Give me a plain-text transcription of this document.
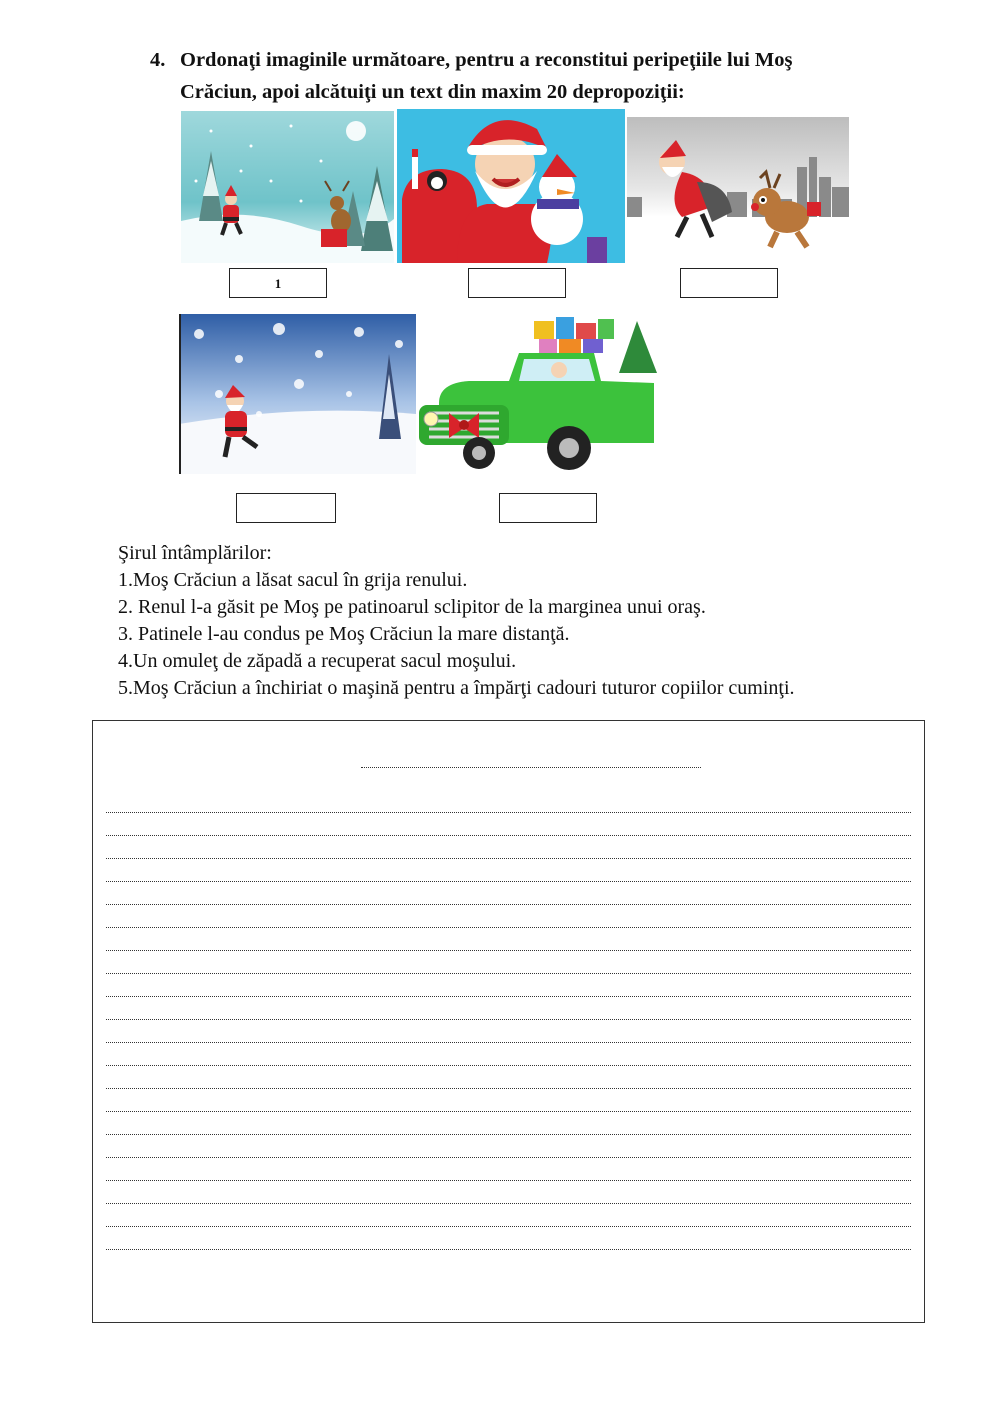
4. Ordonaţi imaginile următoare, pentru a reconstitui peripeţiile lui Moş
Crăciun, apoi alcătuiţi un text din maxim 20 depropoziţii:
1
Şirul întâmplărilor:
1.Moş Crăciun a lăsat sacul în grija renului.
2. Renul l-a găsit pe Moş pe patinoarul sclipitor de la marginea unui oraş.
3. Patinele l-au condus pe Moş Crăciun la mare distanţă.
4.Un omuleţ de zăpadă a recuperat sacul moşului.
5.Moş Crăciun a închiriat o maşină pentru a împărţi cadouri tuturor copiilor cuminţi.
